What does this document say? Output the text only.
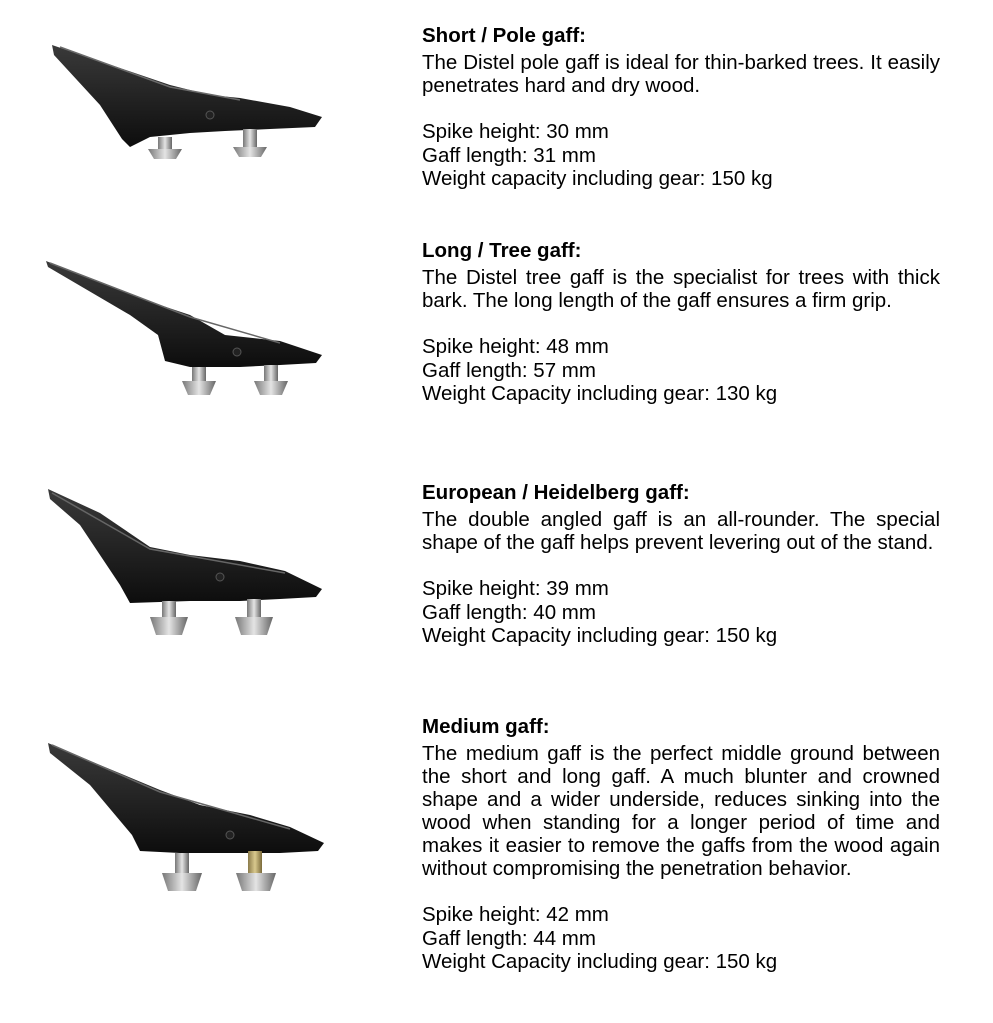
Short / Pole gaff:

The Distel pole gaff is ideal for thin-barked trees. It easily penetrates hard and dry wood.

Spike height: 30 mm
Gaff length: 31 mm
Weight capacity including gear: 150 kg

Long / Tree gaff:

The Distel tree gaff is the specialist for trees with thick bark. The long length of the gaff ensures a firm grip.

Spike height: 48 mm
Gaff length: 57 mm
Weight Capacity including gear: 130 kg

European / Heidelberg gaff:

The double angled gaff is an all-rounder. The special shape of the gaff helps prevent levering out of the stand.

Spike height: 39 mm
Gaff length: 40 mm
Weight Capacity including gear: 150 kg

Medium gaff:

The medium gaff is the perfect middle ground between the short and long gaff. A much blunter and crowned shape and a wider underside, reduces sinking into the wood when standing for a longer period of time and makes it easier to remove the gaffs from the wood again without compromising the penetration behavior.

Spike height: 42 mm
Gaff length: 44 mm
Weight Capacity including gear: 150 kg
